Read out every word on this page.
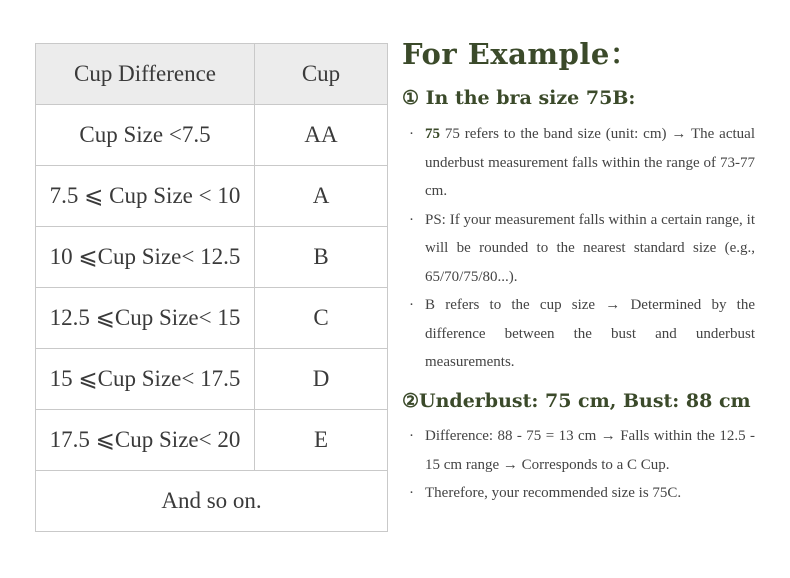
Cup Difference	Cup
Cup Size <7.5	AA
7.5 ⩽ Cup Size < 10	A
10 ⩽Cup Size< 12.5	B
12.5 ⩽Cup Size< 15	C
15 ⩽Cup Size< 17.5	D
17.5 ⩽Cup Size< 20	E
And so on.
For Example：
① In the bra size 75B:
· 75 75 refers to the band size (unit: cm) → The actual underbust measurement falls within the range of 73-77 cm.
· PS: If your measurement falls within a certain range, it will be rounded to the nearest standard size (e.g., 65/70/75/80...).
· B refers to the cup size → Determined by the difference between the bust and underbust measurements.
②Underbust: 75 cm, Bust: 88 cm
· Difference: 88 - 75 = 13 cm → Falls within the 12.5 - 15 cm range → Corresponds to a C Cup.
· Therefore, your recommended size is 75C.
